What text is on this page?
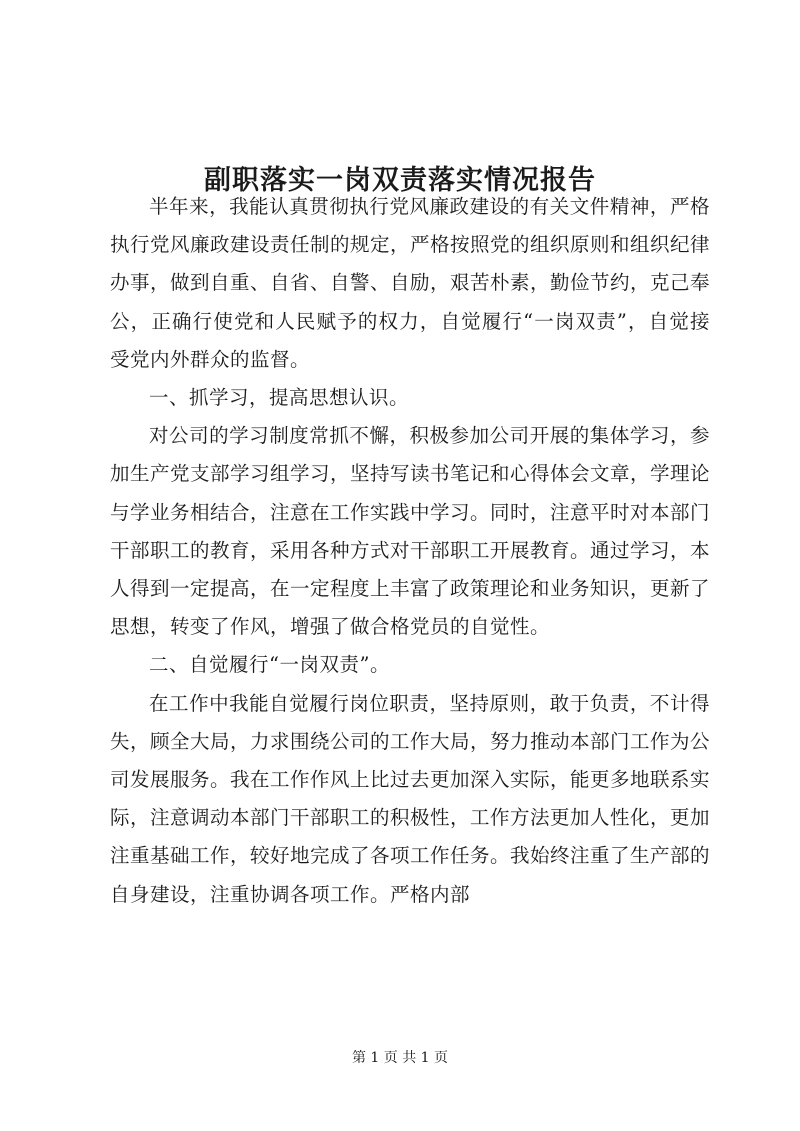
副职落实一岗双责落实情况报告

半年来，我能认真贯彻执行党风廉政建设的有关文件精神，严格执行党风廉政建设责任制的规定，严格按照党的组织原则和组织纪律办事，做到自重、自省、自警、自励，艰苦朴素，勤俭节约，克己奉公，正确行使党和人民赋予的权力，自觉履行“一岗双责”，自觉接受党内外群众的监督。

一、抓学习，提高思想认识。

对公司的学习制度常抓不懈，积极参加公司开展的集体学习，参加生产党支部学习组学习，坚持写读书笔记和心得体会文章，学理论与学业务相结合，注意在工作实践中学习。同时，注意平时对本部门干部职工的教育，采用各种方式对干部职工开展教育。通过学习，本人得到一定提高，在一定程度上丰富了政策理论和业务知识，更新了思想，转变了作风，增强了做合格党员的自觉性。

二、自觉履行“一岗双责”。

在工作中我能自觉履行岗位职责，坚持原则，敢于负责，不计得失，顾全大局，力求围绕公司的工作大局，努力推动本部门工作为公司发展服务。我在工作作风上比过去更加深入实际，能更多地联系实际，注意调动本部门干部职工的积极性，工作方法更加人性化，更加注重基础工作，较好地完成了各项工作任务。我始终注重了生产部的自身建设，注重协调各项工作。严格内部

第 1 页 共 1 页
